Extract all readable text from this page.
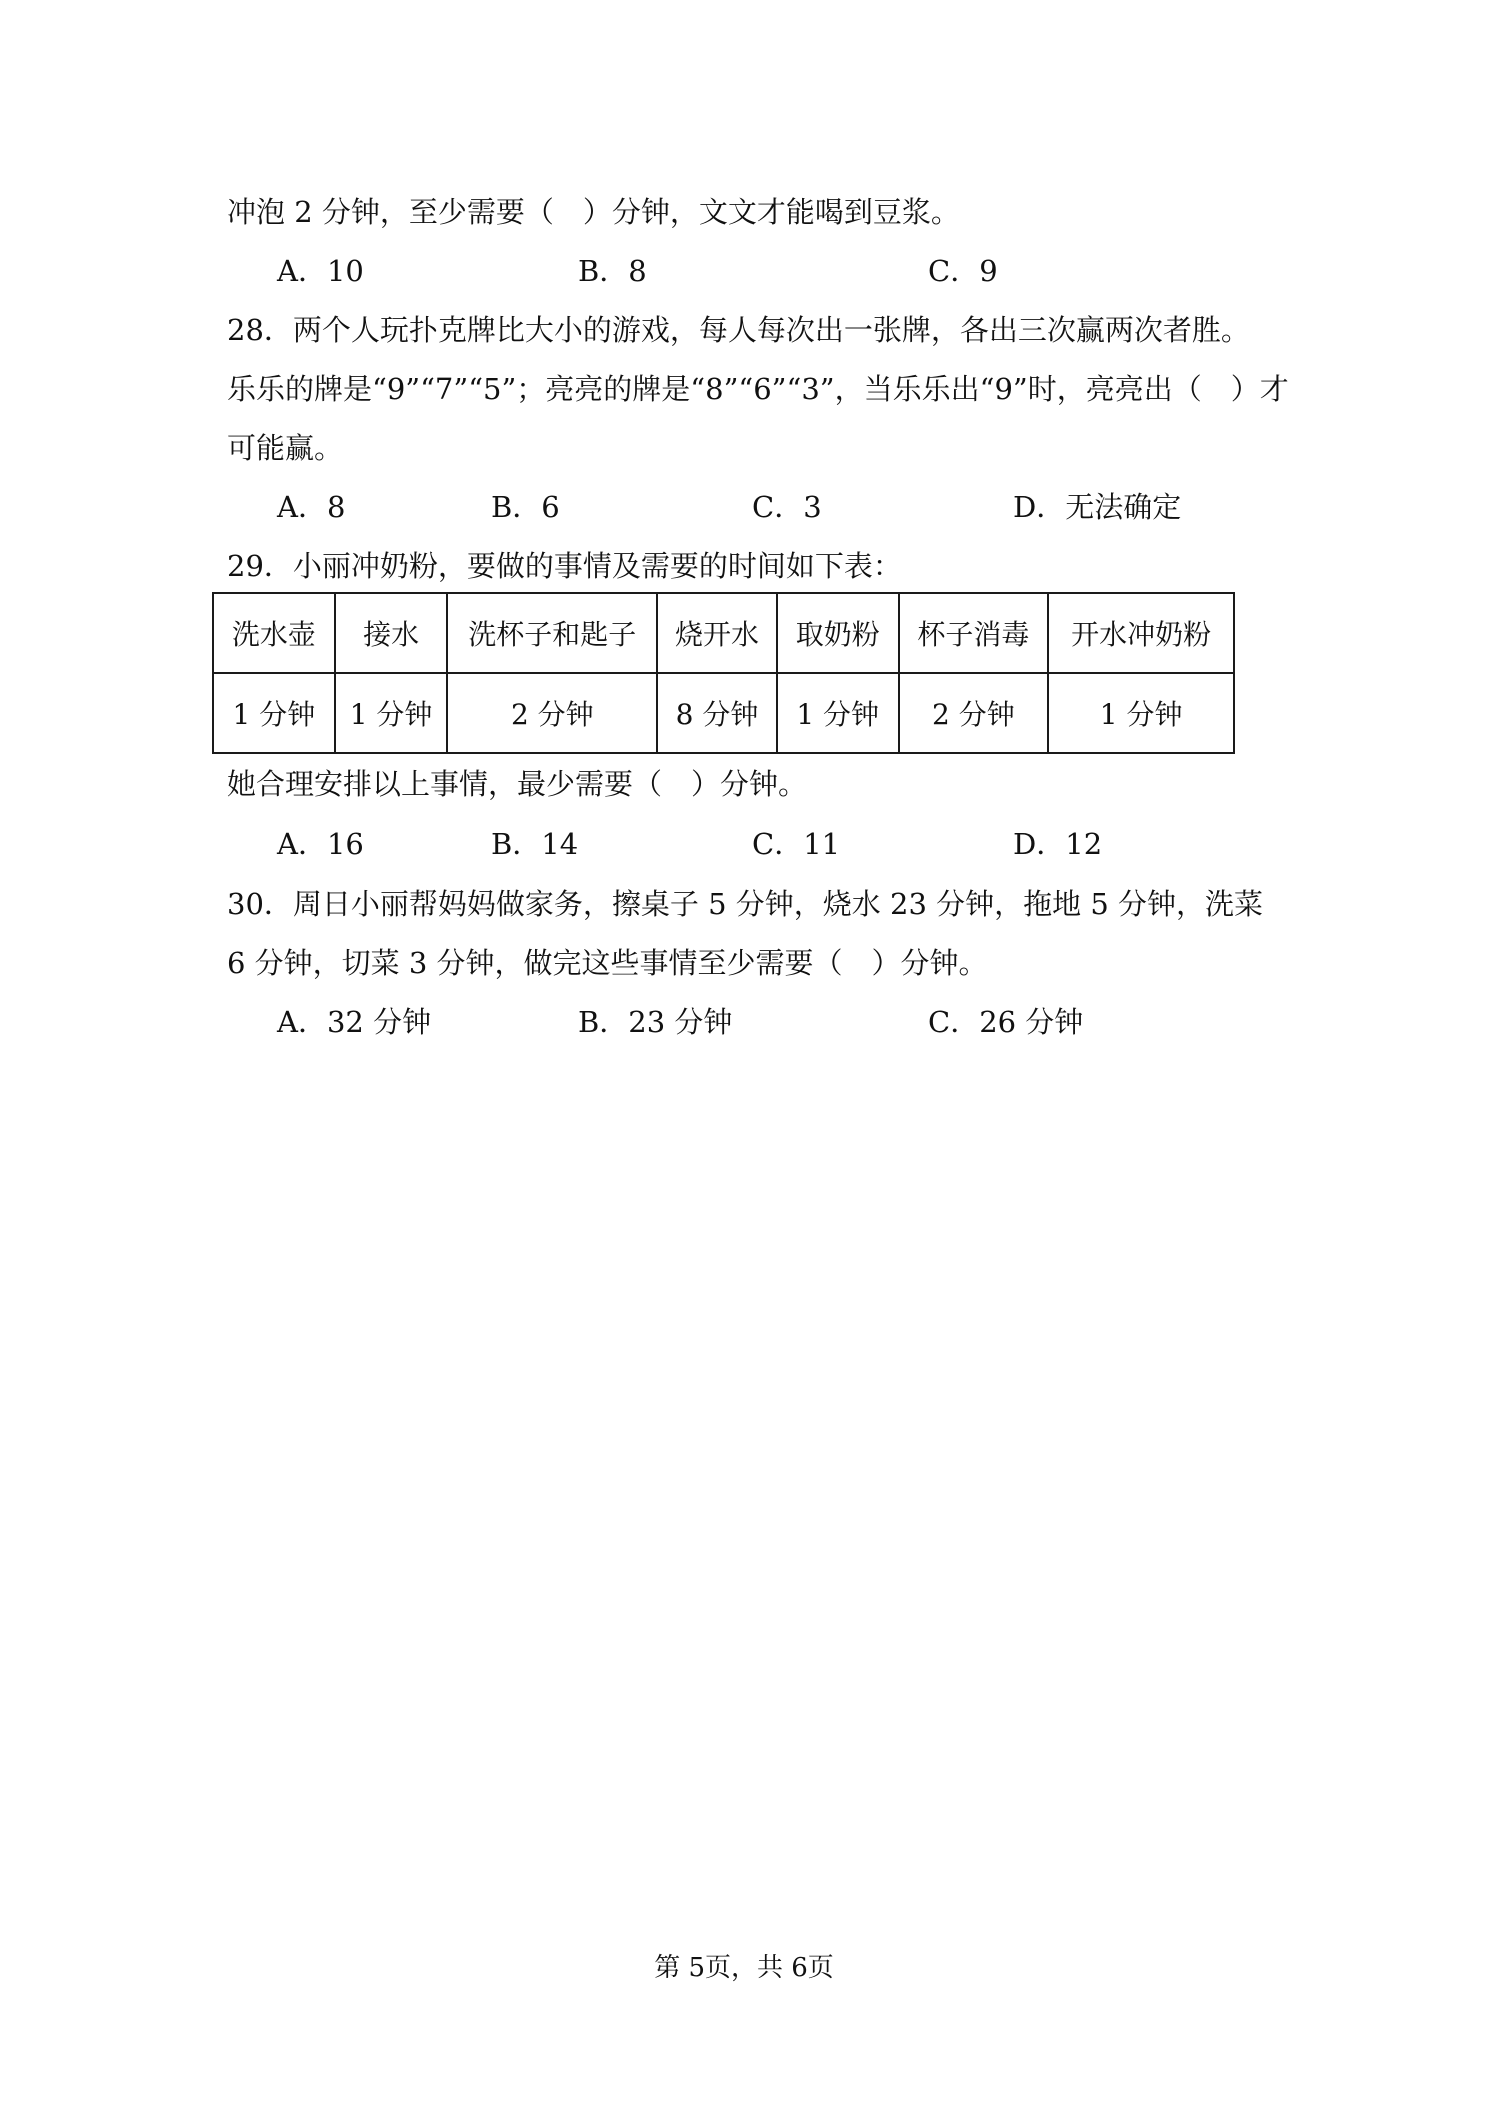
冲泡 2 分钟，至少需要（　）分钟，文文才能喝到豆浆。

A．10	B．8	C．9

28．两个人玩扑克牌比大小的游戏，每人每次出一张牌，各出三次赢两次者胜。

乐乐的牌是“9”“7”“5”；亮亮的牌是“8”“6”“3”，当乐乐出“9”时，亮亮出（　）才

可能赢。

A．8	B．6	C．3	D．无法确定

29．小丽冲奶粉，要做的事情及需要的时间如下表：

洗水壶	接水	洗杯子和匙子	烧开水	取奶粉	杯子消毒	开水冲奶粉
1 分钟	1 分钟	2 分钟	8 分钟	1 分钟	2 分钟	1 分钟

她合理安排以上事情，最少需要（　）分钟。

A．16	B．14	C．11	D．12

30．周日小丽帮妈妈做家务，擦桌子 5 分钟，烧水 23 分钟，拖地 5 分钟，洗菜

6 分钟，切菜 3 分钟，做完这些事情至少需要（　）分钟。

A．32 分钟	B．23 分钟	C．26 分钟
第 5页，共 6页
